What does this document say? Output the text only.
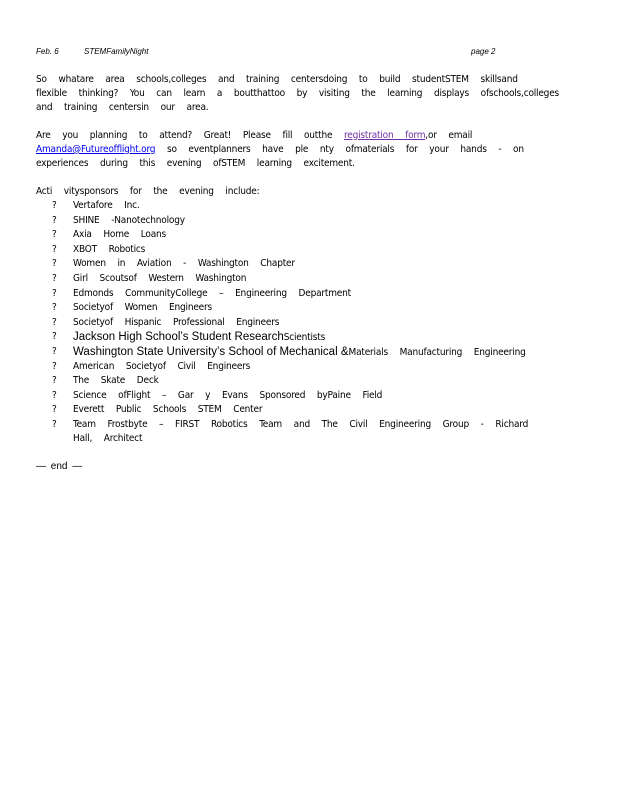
Feb. 6	STEMFamilyNight	page 2

So whatare area schools,colleges and training centersdoing to build studentSTEM skillsand

flexible thinking? You can learn a boutthattoo by visiting the learning displays ofschools,colleges

and training centersin our area.

Are you planning to attend? Great! Please fill outthe registration form,or email

Amanda@Futureofflight.org so eventplanners have ple nty ofmaterials for your hands - on

experiences during this evening ofSTEM learning excitement.

Acti vitysponsors for the evening include:

?	Vertafore Inc.
?	SHINE -Nanotechnology
?	Axia Home Loans
?	XBOT Robotics
?	Women in Aviation - Washington Chapter
?	Girl Scoutsof Western Washington
?	Edmonds CommunityCollege – Engineering Department
?	Societyof Women Engineers
?	Societyof Hispanic Professional Engineers
?	Jackson High School’s Student ResearchScientists
?	Washington State University’s School of Mechanical &Materials Manufacturing Engineering
?	American Societyof Civil Engineers
?	The Skate Deck
?	Science ofFlight – Gar y Evans Sponsored byPaine Field
?	Everett Public Schools STEM Center
?	Team Frostbyte – FIRST Robotics Team and The Civil Engineering Group - Richard Hall, Architect
— end —
